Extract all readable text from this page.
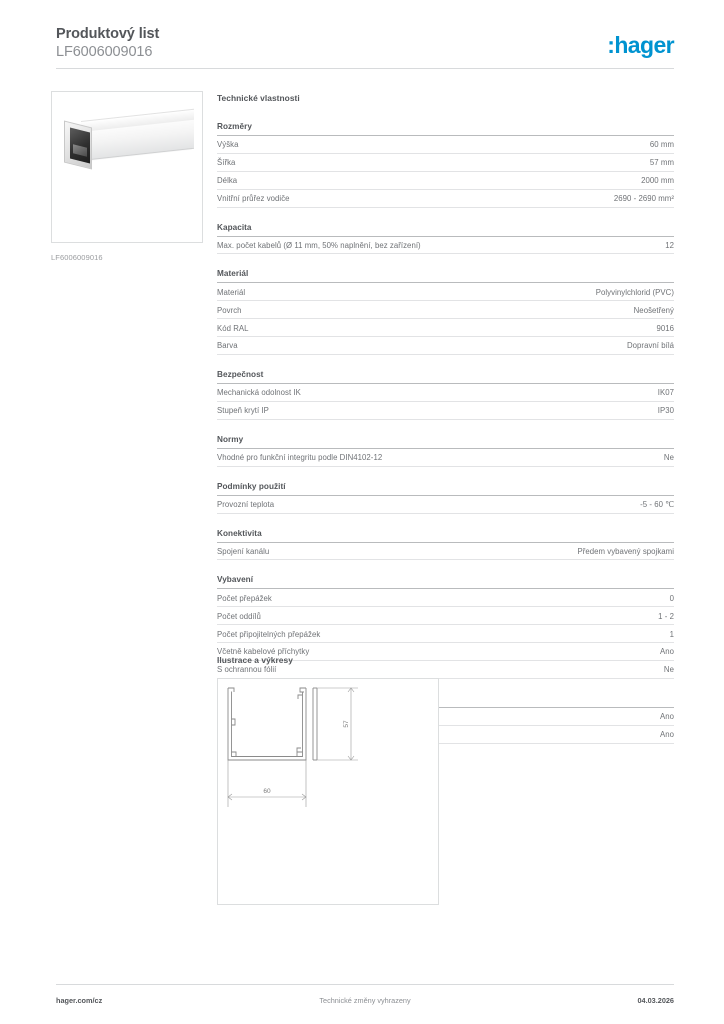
Produktový list
LF6006009016	:hager
LF6006009016
Technické vlastnosti
Rozměry
Výška	60 mm
Šířka	57 mm
Délka	2000 mm
Vnitřní průřez vodiče	2690 - 2690 mm²
Kapacita
Max. počet kabelů (Ø 11 mm, 50% naplnění, bez zařízení)	12
Materiál
Materiál	Polyvinylchlorid (PVC)
Povrch	Neošetřený
Kód RAL	9016
Barva	Dopravní bílá
Bezpečnost
Mechanická odolnost IK	IK07
Stupeň krytí IP	IP30
Normy
Vhodné pro funkční integritu podle DIN4102-12	Ne
Podmínky použití
Provozní teplota	-5 - 60 ℃
Konektivita
Spojení kanálu	Předem vybavený spojkami
Vybavení
Počet přepážek	0
Počet oddílů	1 - 2
Počet připojitelných přepážek	1
Včetně kabelové příchytky	Ano
S ochrannou fólií	Ne
Ano
Ano
Ilustrace a výkresy
57
60
hager.com/cz	Technické změny vyhrazeny	04.03.2026
